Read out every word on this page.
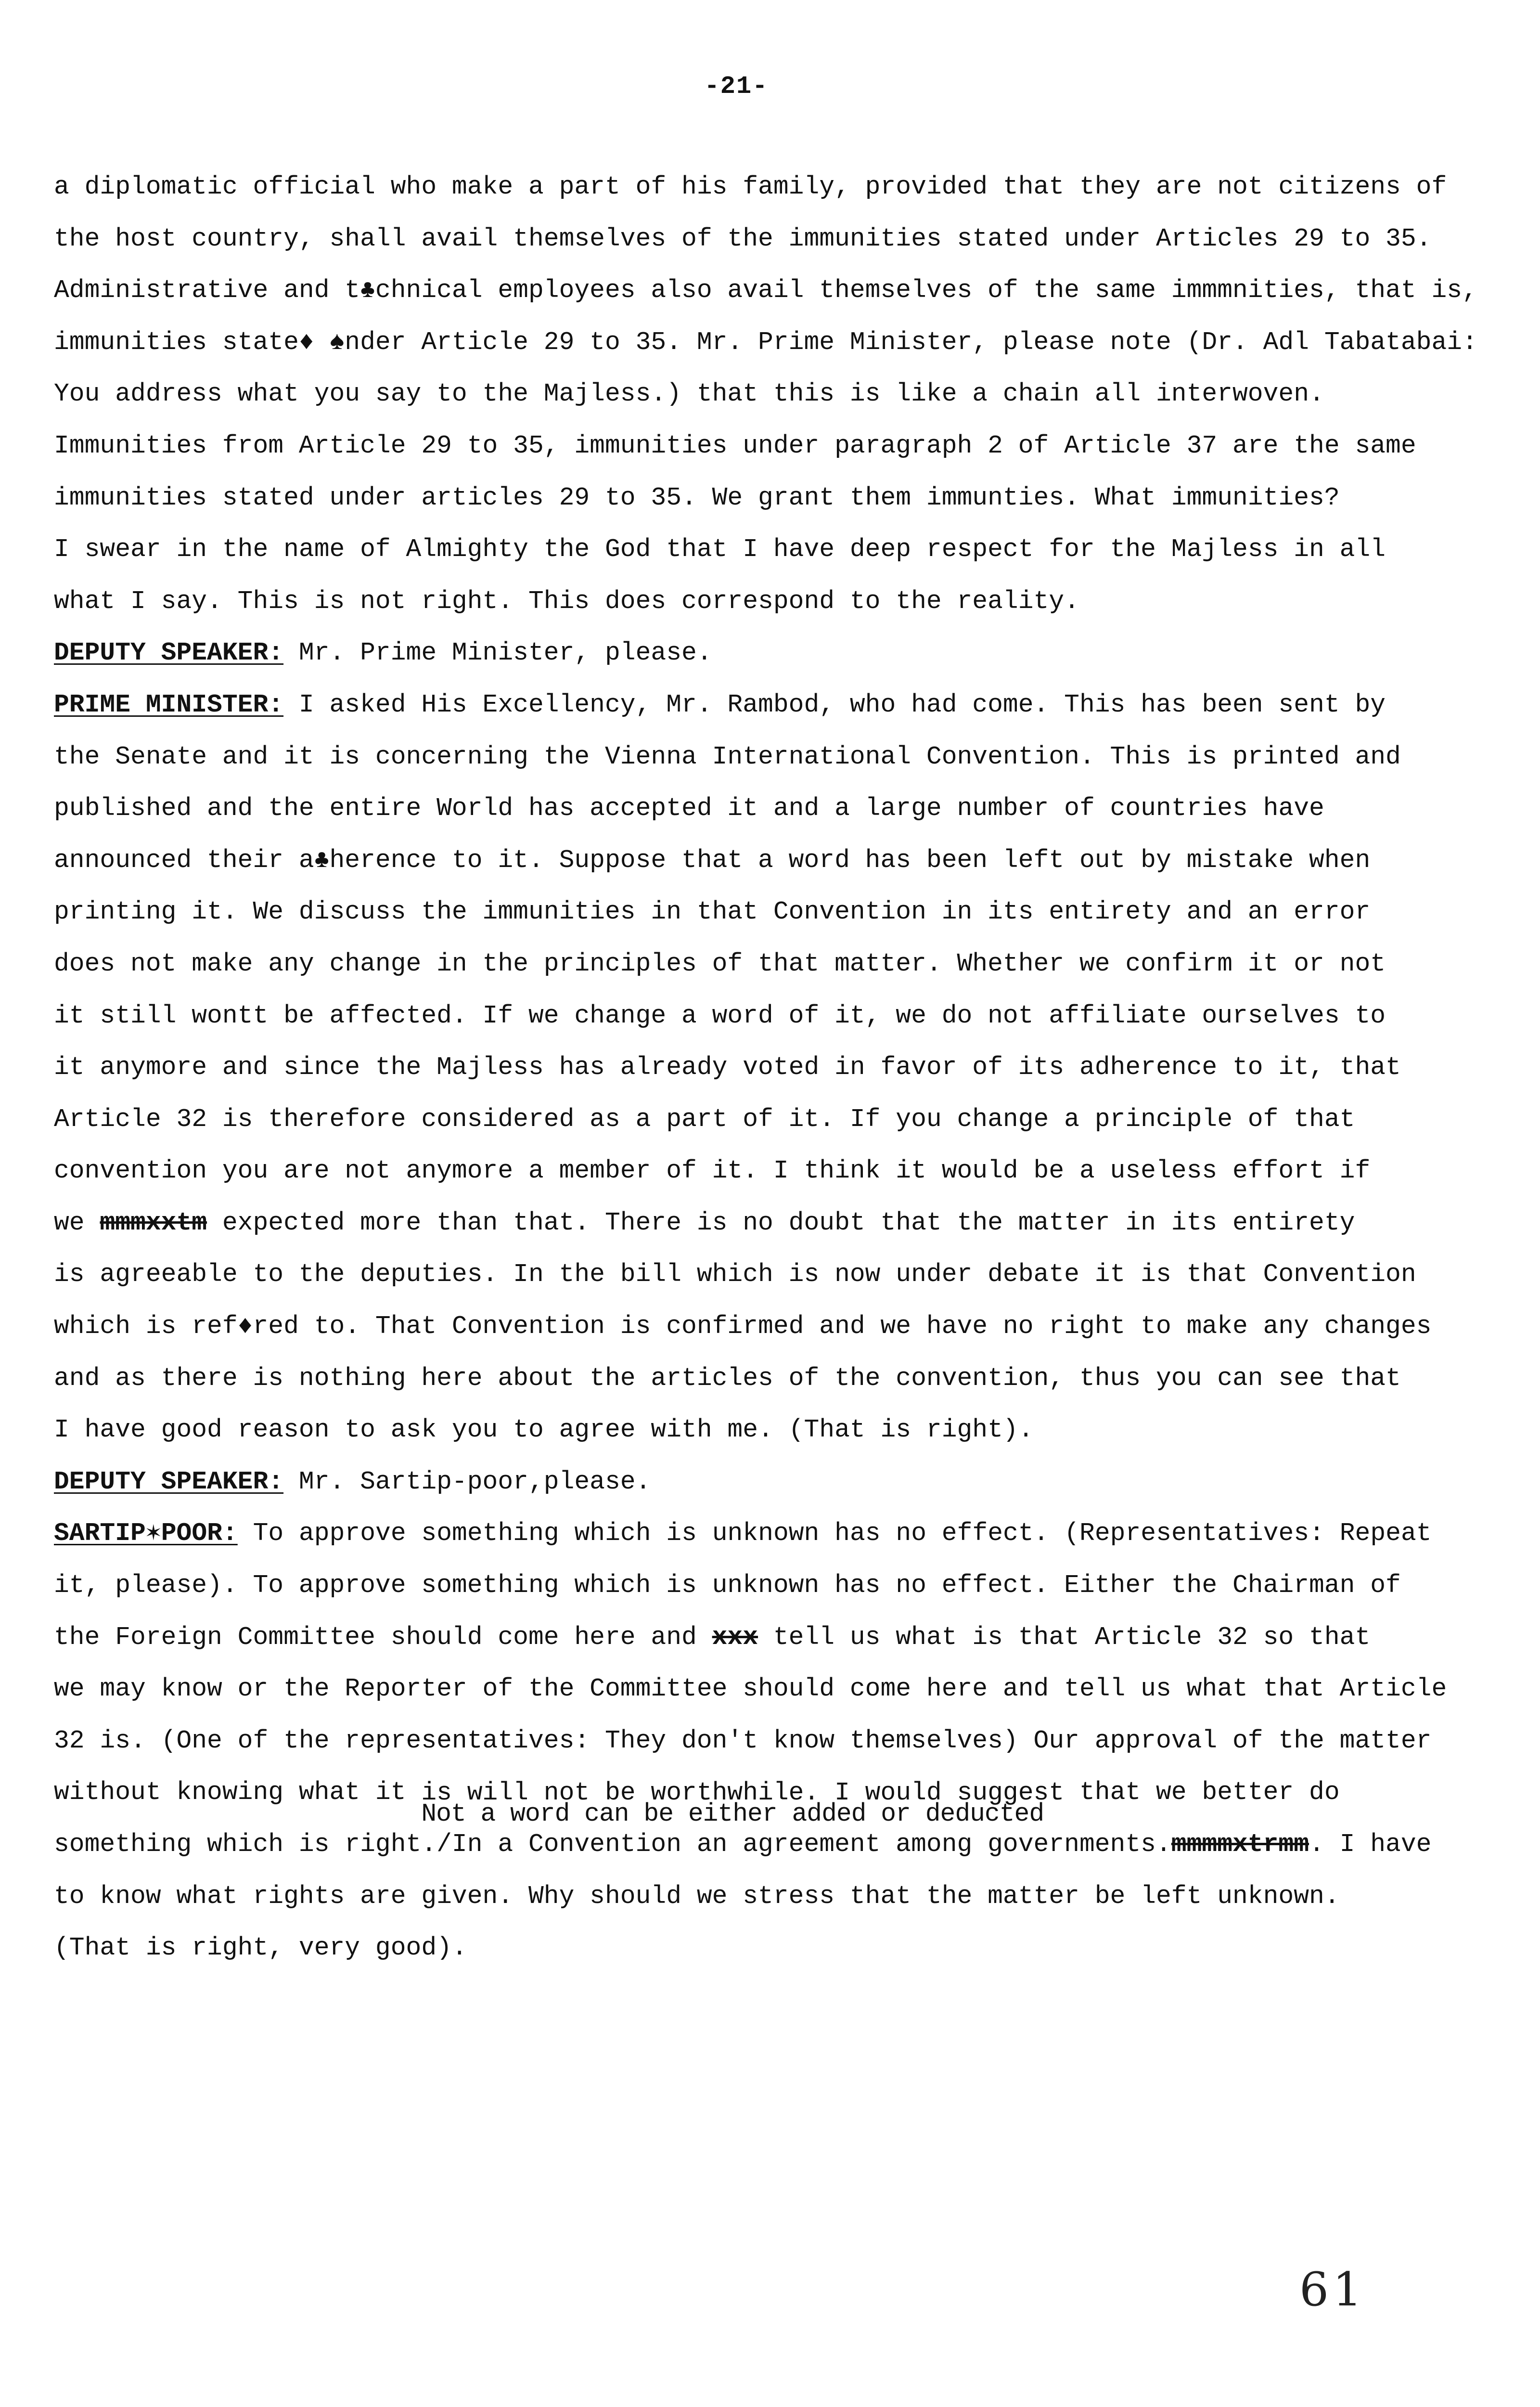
-21-
a diplomatic official who make a part of his family, provided that they are not citizens of
the host country, shall avail themselves of the immunities stated under Articles 29 to 35.
Administrative and t♣chnical employees also avail themselves of the same immmnities, that is,
immunities state♦ ♠nder Article 29 to 35. Mr. Prime Minister, please note (Dr. Adl Tabatabai:
You address what you say to the Majless.) that this is like a chain all interwoven.
Immunities from Article 29 to 35, immunities under paragraph 2 of Article 37 are the same
immunities stated under articles 29 to 35. We grant them immunties. What immunities?
I swear in the name of Almighty the God that I have deep respect for the Majless in all
what I say. This is not right. This does correspond to the reality.
DEPUTY SPEAKER: Mr. Prime Minister, please.
PRIME MINISTER: I asked His Excellency, Mr. Rambod, who had come. This has been sent by
the Senate and it is concerning the Vienna International Convention. This is printed and
published and the entire World has accepted it and a large number of countries have
announced their a♣herence to it. Suppose that a word has been left out by mistake when
printing it. We discuss the immunities in that Convention in its entirety and an error
does not make any change in the principles of that matter. Whether we confirm it or not
it still wontt be affected. If we change a word of it, we do not affiliate ourselves to
it anymore and since the Majless has already voted in favor of its adherence to it, that
Article 32 is therefore considered as a part of it. If you change a principle of that
convention you are not anymore a member of it. I think it would be a useless effort if
we mmmxxtm expected more than that. There is no doubt that the matter in its entirety
is agreeable to the deputies. In the bill which is now under debate it is that Convention
which is ref♦red to. That Convention is confirmed and we have no right to make any changes
and as there is nothing here about the articles of the convention, thus you can see that
I have good reason to ask you to agree with me. (That is right).
DEPUTY SPEAKER: Mr. Sartip-poor,please.
SARTIP✶POOR: To approve something which is unknown has no effect. (Representatives: Repeat
it, please). To approve something which is unknown has no effect. Either the Chairman of
the Foreign Committee should come here and xxx tell us what is that Article 32 so that
we may know or the Reporter of the Committee should come here and tell us what that Article
32 is. (One of the representatives: They don't know themselves) Our approval of the matter
without knowing what it is will not be worthwhile. I would suggest
Not a word can be either added or deducted
that we better do
something which is right./In a Convention an agreement among governments.mmmmxtrmm. I have
to know what rights are given. Why should we stress that the matter be left unknown.
(That is right, very good).
61
